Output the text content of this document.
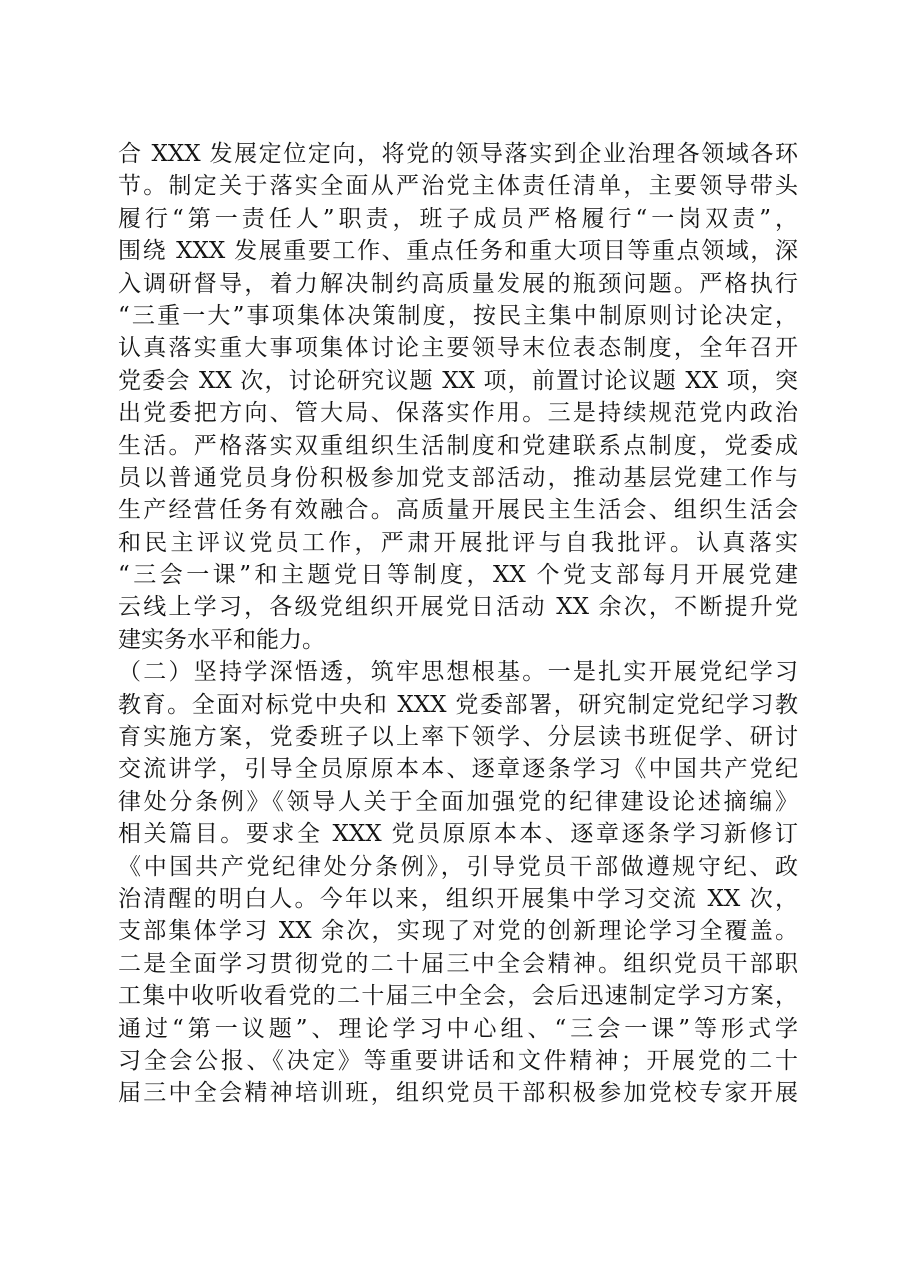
合 XXX 发展定位定向，将党的领导落实到企业治理各领域各环
节。制定关于落实全面从严治党主体责任清单，主要领导带头
履行“第一责任人”职责，班子成员严格履行“一岗双责”，
围绕 XXX 发展重要工作、重点任务和重大项目等重点领域，深
入调研督导，着力解决制约高质量发展的瓶颈问题。严格执行
“三重一大”事项集体决策制度，按民主集中制原则讨论决定，
认真落实重大事项集体讨论主要领导末位表态制度，全年召开
党委会 XX 次，讨论研究议题 XX 项，前置讨论议题 XX 项，突
出党委把方向、管大局、保落实作用。三是持续规范党内政治
生活。严格落实双重组织生活制度和党建联系点制度，党委成
员以普通党员身份积极参加党支部活动，推动基层党建工作与
生产经营任务有效融合。高质量开展民主生活会、组织生活会
和民主评议党员工作，严肃开展批评与自我批评。认真落实
“三会一课”和主题党日等制度，XX 个党支部每月开展党建
云线上学习，各级党组织开展党日活动 XX 余次，不断提升党
建实务水平和能力。
（二）坚持学深悟透，筑牢思想根基。一是扎实开展党纪学习
教育。全面对标党中央和 XXX 党委部署，研究制定党纪学习教
育实施方案，党委班子以上率下领学、分层读书班促学、研讨
交流讲学，引导全员原原本本、逐章逐条学习《中国共产党纪
律处分条例》《领导人关于全面加强党的纪律建设论述摘编》
相关篇目。要求全 XXX 党员原原本本、逐章逐条学习新修订
《中国共产党纪律处分条例》，引导党员干部做遵规守纪、政
治清醒的明白人。今年以来，组织开展集中学习交流 XX 次，
支部集体学习 XX 余次，实现了对党的创新理论学习全覆盖。
二是全面学习贯彻党的二十届三中全会精神。组织党员干部职
工集中收听收看党的二十届三中全会，会后迅速制定学习方案，
通过“第一议题”、理论学习中心组、“三会一课”等形式学
习全会公报、《决定》等重要讲话和文件精神；开展党的二十
届三中全会精神培训班，组织党员干部积极参加党校专家开展
